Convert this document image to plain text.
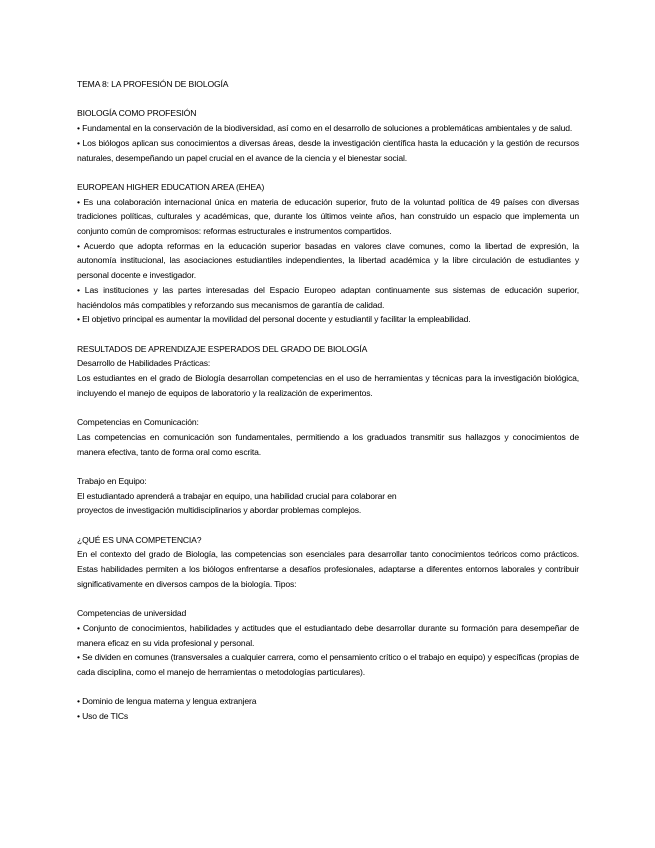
TEMA 8: LA PROFESIÓN DE BIOLOGÍA
BIOLOGÍA COMO PROFESIÓN
• Fundamental en la conservación de la biodiversidad, así como en el desarrollo de soluciones a problemáticas ambientales y de salud.
• Los biólogos aplican sus conocimientos a diversas áreas, desde la investigación científica hasta la educación y la gestión de recursos naturales, desempeñando un papel crucial en el avance de la ciencia y el bienestar social.
EUROPEAN HIGHER EDUCATION AREA (EHEA)
• Es una colaboración internacional única en materia de educación superior, fruto de la voluntad política de 49 países con diversas tradiciones políticas, culturales y académicas, que, durante los últimos veinte años, han construido un espacio que implementa un conjunto común de compromisos: reformas estructurales e instrumentos compartidos.
• Acuerdo que adopta reformas en la educación superior basadas en valores clave comunes, como la libertad de expresión, la autonomía institucional, las asociaciones estudiantiles independientes, la libertad académica y la libre circulación de estudiantes y personal docente e investigador.
• Las instituciones y las partes interesadas del Espacio Europeo adaptan continuamente sus sistemas de educación superior, haciéndolos más compatibles y reforzando sus mecanismos de garantía de calidad.
• El objetivo principal es aumentar la movilidad del personal docente y estudiantil y facilitar la empleabilidad.
RESULTADOS DE APRENDIZAJE ESPERADOS DEL GRADO DE BIOLOGÍA

Desarrollo de Habilidades Prácticas:

Los estudiantes en el grado de Biología desarrollan competencias en el uso de herramientas y técnicas para la investigación biológica, incluyendo el manejo de equipos de laboratorio y la realización de experimentos.

Competencias en Comunicación:

Las competencias en comunicación son fundamentales, permitiendo a los graduados transmitir sus hallazgos y conocimientos de manera efectiva, tanto de forma oral como escrita.

Trabajo en Equipo:

El estudiantado aprenderá a trabajar en equipo, una habilidad crucial para colaborar en

proyectos de investigación multidisciplinarios y abordar problemas complejos.

¿QUÉ ES UNA COMPETENCIA?

En el contexto del grado de Biología, las competencias son esenciales para desarrollar tanto conocimientos teóricos como prácticos. Estas habilidades permiten a los biólogos enfrentarse a desafíos profesionales, adaptarse a diferentes entornos laborales y contribuir significativamente en diversos campos de la biología. Tipos:

Competencias de universidad
• Conjunto de conocimientos, habilidades y actitudes que el estudiantado debe desarrollar durante su formación para desempeñar de manera eficaz en su vida profesional y personal.
• Se dividen en comunes (transversales a cualquier carrera, como el pensamiento crítico o el trabajo en equipo) y específicas (propias de cada disciplina, como el manejo de herramientas o metodologías particulares).
• Dominio de lengua materna y lengua extranjera
• Uso de TICs
